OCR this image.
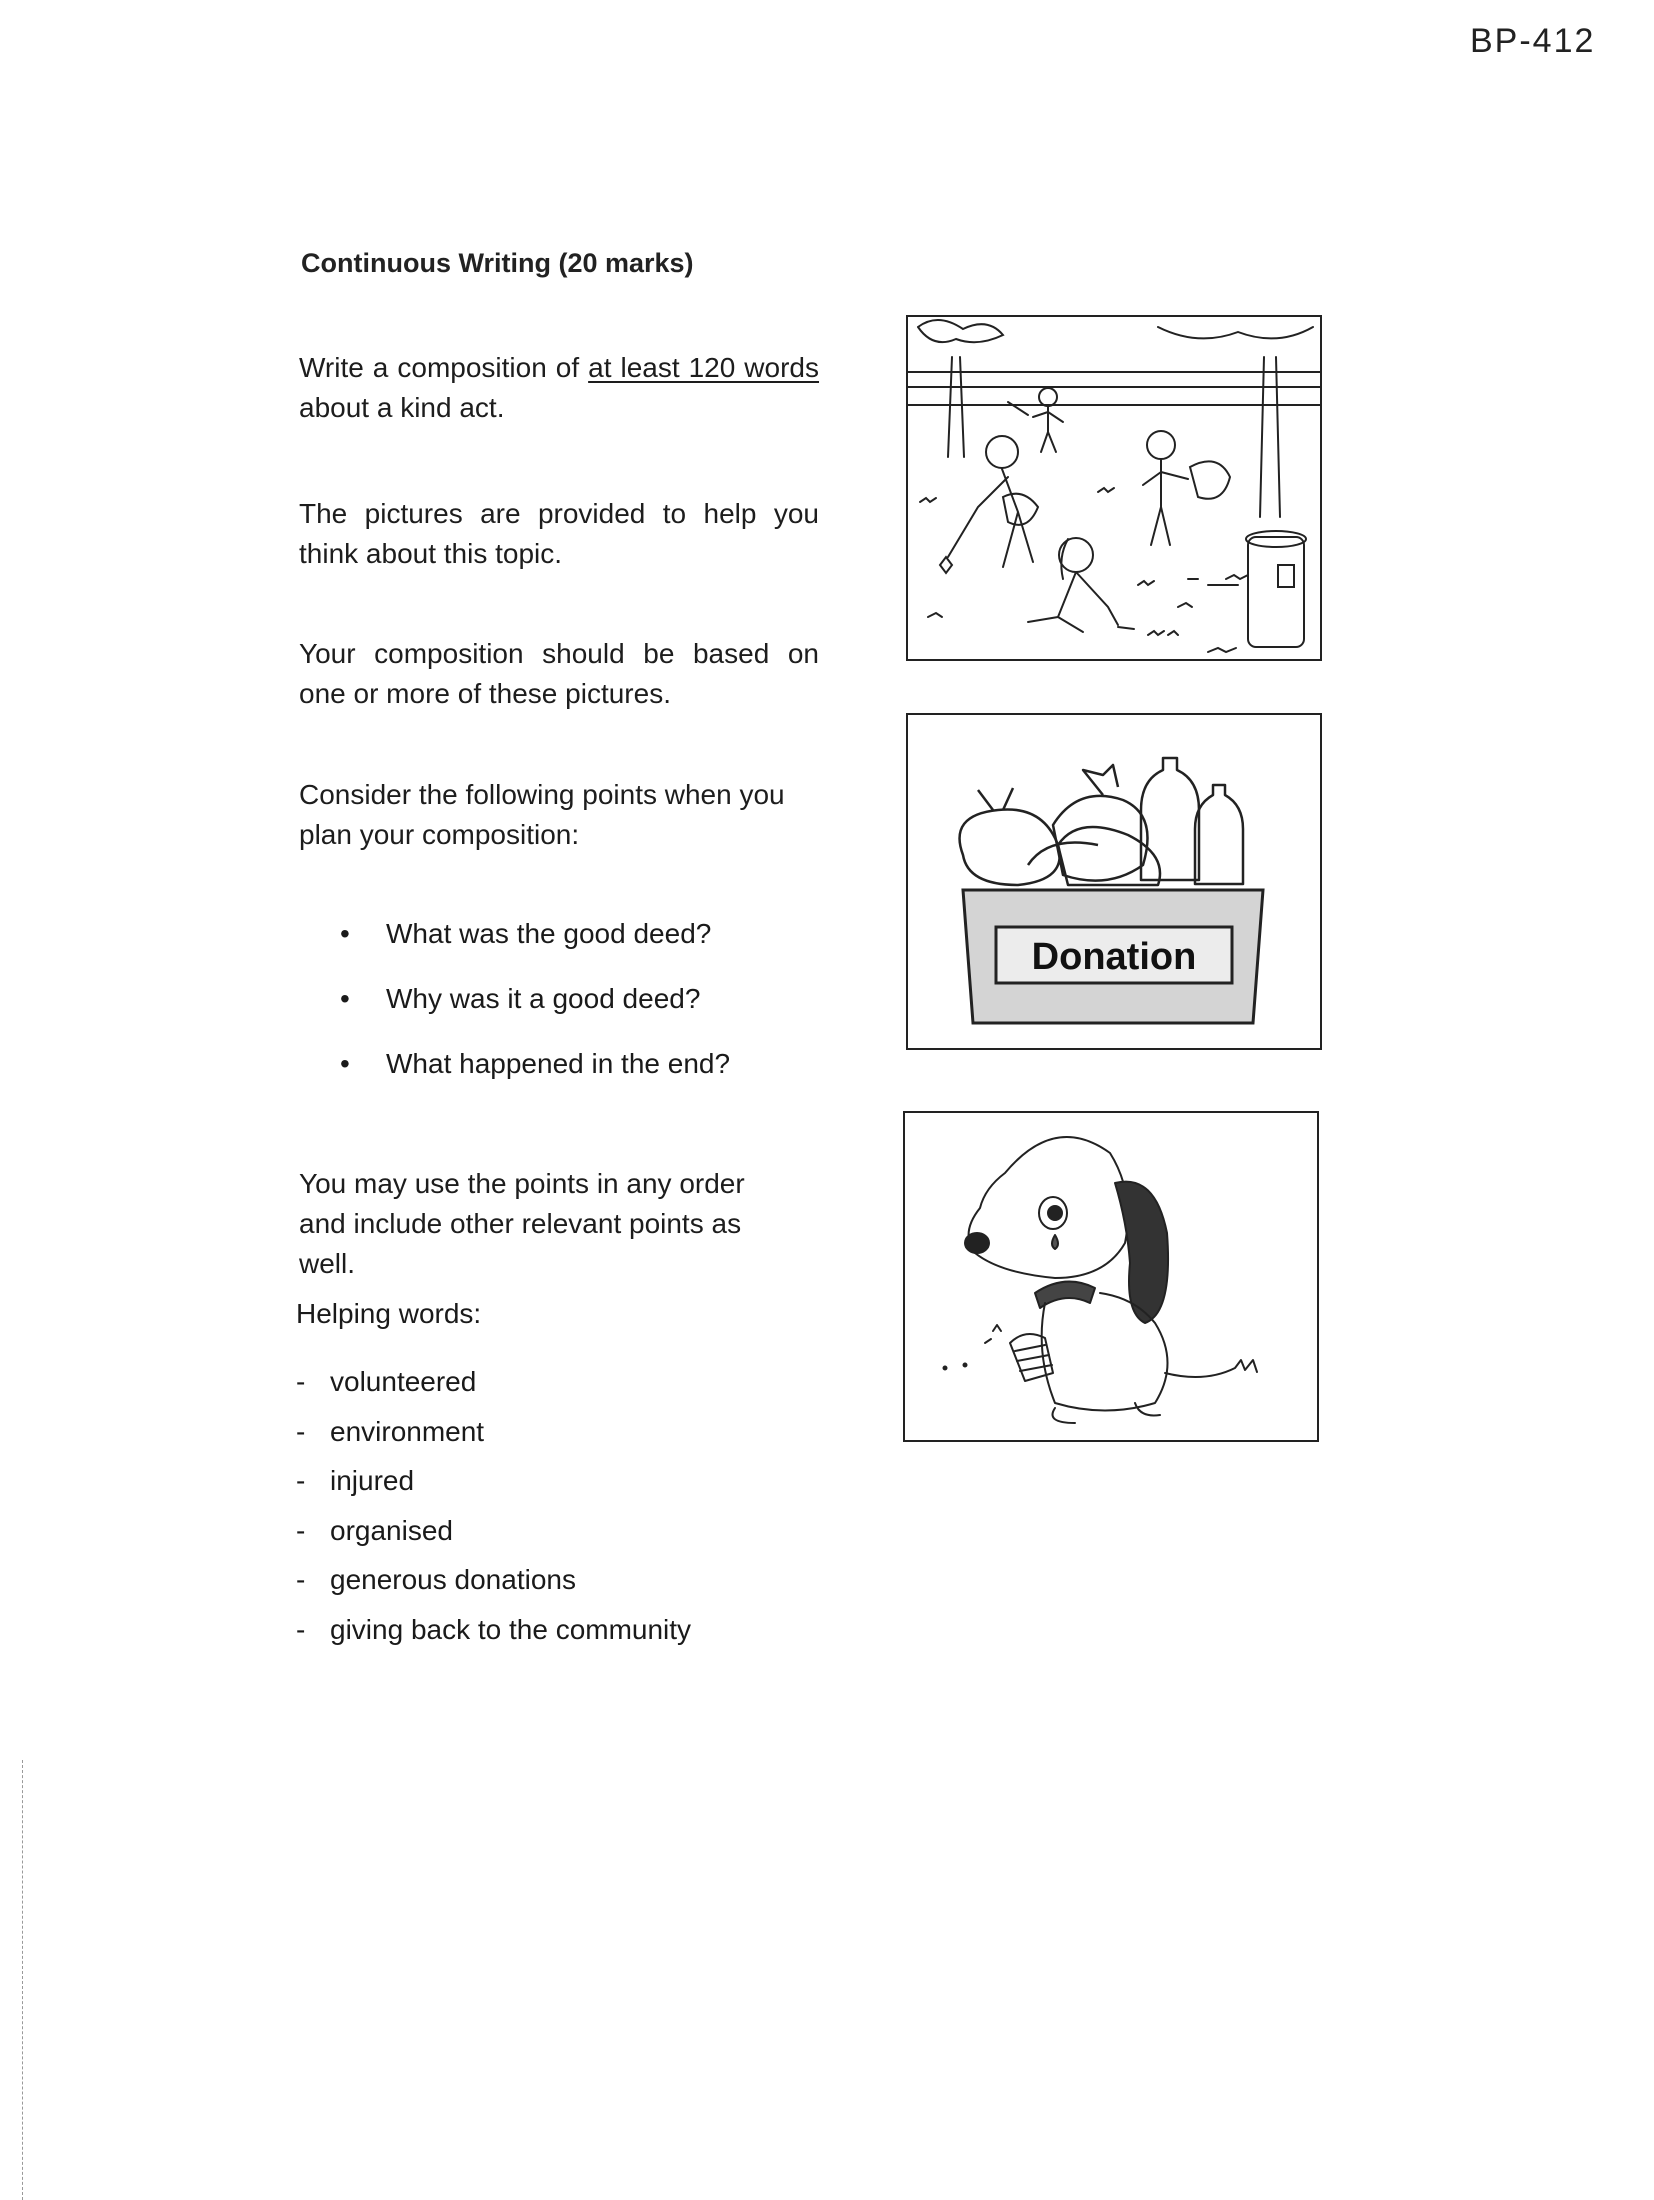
BP-412
Continuous Writing (20 marks)
Write a composition of at least 120 words about a kind act.
The pictures are provided to help you think about this topic.
Your composition should be based on one or more of these pictures.
Consider the following points when you plan your composition:
• What was the good deed?
• Why was it a good deed?
• What happened in the end?
You may use the points in any order and include other relevant points as well.
Helping words:
- volunteered
- environment
- injured
- organised
- generous donations
- giving back to the community
Donation
